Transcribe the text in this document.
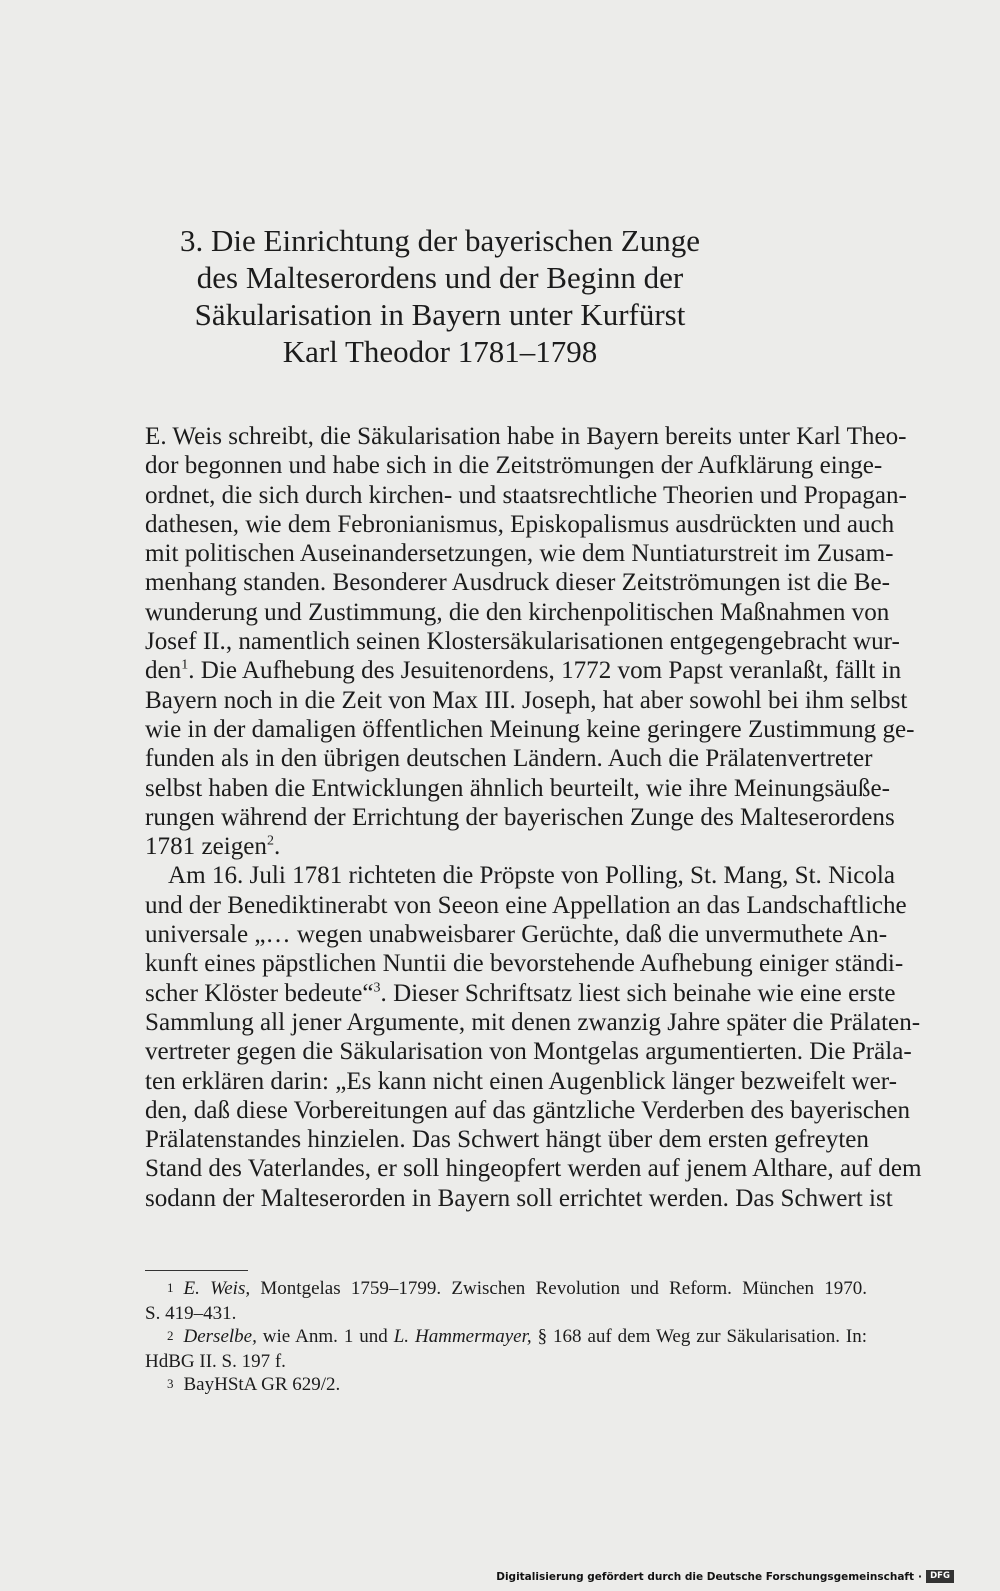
3. Die Einrichtung der bayerischen Zunge
des Malteserordens und der Beginn der
Säkularisation in Bayern unter Kurfürst
Karl Theodor 1781–1798
E. Weis schreibt, die Säkularisation habe in Bayern bereits unter Karl Theo-
dor begonnen und habe sich in die Zeitströmungen der Aufklärung einge-
ordnet, die sich durch kirchen- und staatsrechtliche Theorien und Propagan-
dathesen, wie dem Febronianismus, Episkopalismus ausdrückten und auch
mit politischen Auseinandersetzungen, wie dem Nuntiaturstreit im Zusam-
menhang standen. Besonderer Ausdruck dieser Zeitströmungen ist die Be-
wunderung und Zustimmung, die den kirchenpolitischen Maßnahmen von
Josef II., namentlich seinen Klostersäkularisationen entgegengebracht wur-
den$^1$. Die Aufhebung des Jesuitenordens, 1772 vom Papst veranlaßt, fällt in
Bayern noch in die Zeit von Max III. Joseph, hat aber sowohl bei ihm selbst
wie in der damaligen öffentlichen Meinung keine geringere Zustimmung ge-
funden als in den übrigen deutschen Ländern. Auch die Prälatenvertreter
selbst haben die Entwicklungen ähnlich beurteilt, wie ihre Meinungsäuße-
rungen während der Errichtung der bayerischen Zunge des Malteserordens
1781 zeigen$^2$.
Am 16. Juli 1781 richteten die Pröpste von Polling, St. Mang, St. Nicola
und der Benediktinerabt von Seeon eine Appellation an das Landschaftliche
universale „… wegen unabweisbarer Gerüchte, daß die unvermuthete An-
kunft eines päpstlichen Nuntii die bevorstehende Aufhebung einiger ständi-
scher Klöster bedeute“$^3$. Dieser Schriftsatz liest sich beinahe wie eine erste
Sammlung all jener Argumente, mit denen zwanzig Jahre später die Prälaten-
vertreter gegen die Säkularisation von Montgelas argumentierten. Die Präla-
ten erklären darin: „Es kann nicht einen Augenblick länger bezweifelt wer-
den, daß diese Vorbereitungen auf das gäntzliche Verderben des bayerischen
Prälatenstandes hinzielen. Das Schwert hängt über dem ersten gefreyten
Stand des Vaterlandes, er soll hingeopfert werden auf jenem Althare, auf dem
sodann der Malteserorden in Bayern soll errichtet werden. Das Schwert ist
1 E. Weis, Montgelas 1759–1799. Zwischen Revolution und Reform. München 1970.
S. 419–431.
2 Derselbe, wie Anm. 1 und L. Hammermayer, § 168 auf dem Weg zur Säkularisation. In:
HdBG II. S. 197 f.
3 BayHStA GR 629/2.
Digitalisierung gefördert durch die Deutsche Forschungsgemeinschaft · DFG
